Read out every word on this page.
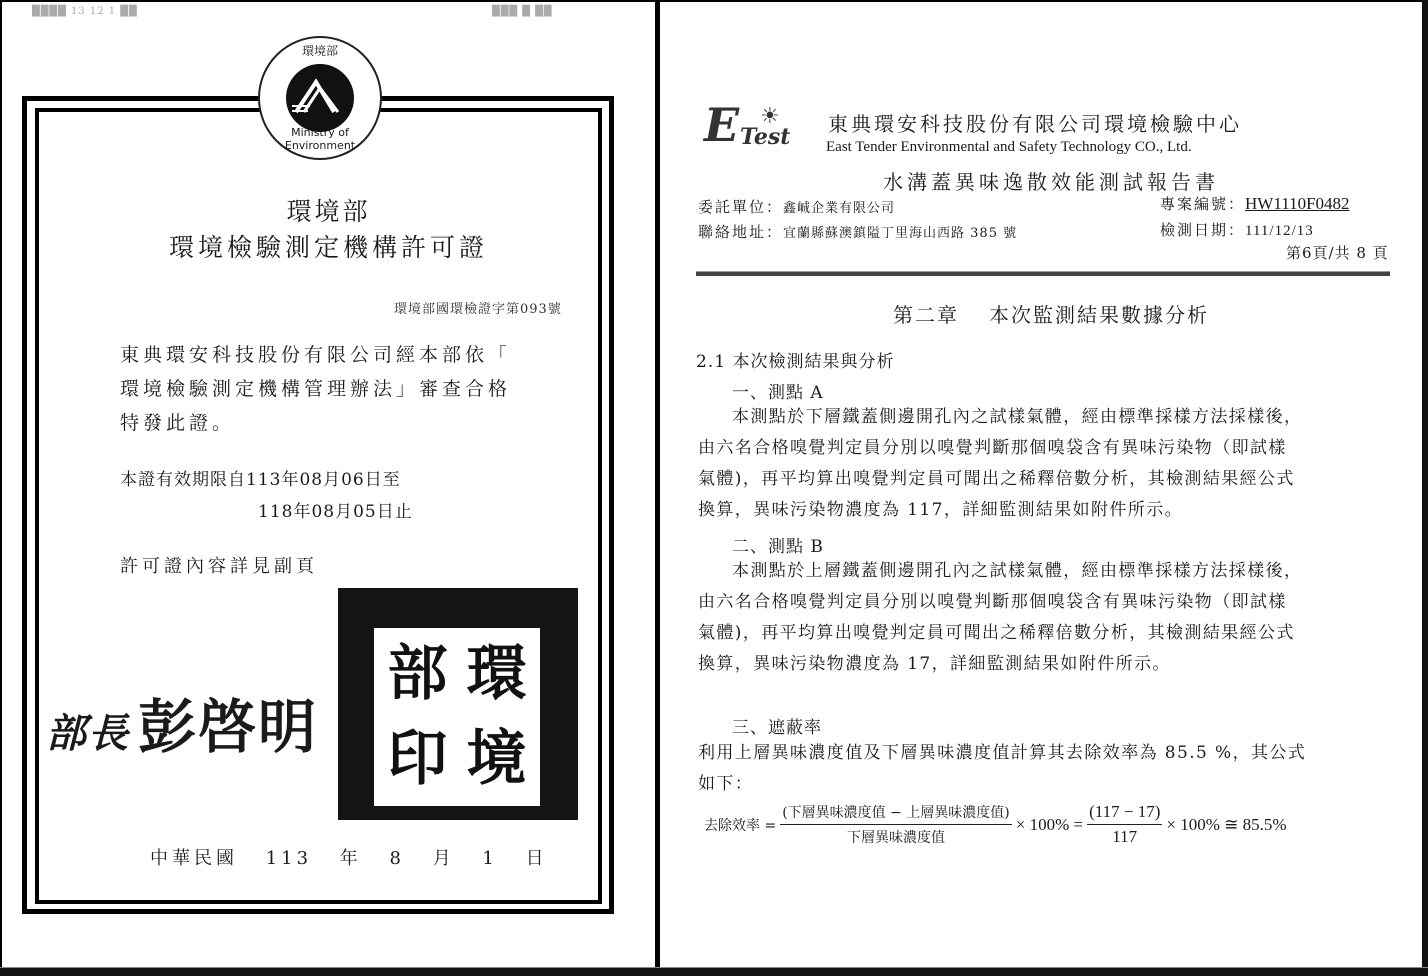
████ 13 12 1 ██	███ █ ██
環境部
Ministry of Environment
環境部
環境檢驗測定機構許可證
環境部國環檢證字第093號
東典環安科技股份有限公司經本部依「
環境檢驗測定機構管理辦法」審查合格
特發此證。
本證有效期限自113年08月06日至
118年08月05日止
許可證內容詳見副頁
部 環
印 境
部長 彭啓明
中華民國 113 年 8 月 1 日
E ☀
Test 東典環安科技股份有限公司環境檢驗中心
East Tender Environmental and Safety Technology CO., Ltd.
水溝蓋異味逸散效能測試報告書
委託單位：鑫峸企業有限公司
聯絡地址：宜蘭縣蘇澳鎮隘丁里海山西路 385 號
專案編號：HW1110F0482
檢測日期：111/12/13
第6頁/共 8 頁
第二章 本次監測結果數據分析
2.1 本次檢測結果與分析
一、測點 A
本測點於下層鐵蓋側邊開孔內之試樣氣體，經由標準採樣方法採樣後，
由六名合格嗅覺判定員分別以嗅覺判斷那個嗅袋含有異味污染物（即試樣
氣體)，再平均算出嗅覺判定員可聞出之稀釋倍數分析，其檢測結果經公式
換算，異味污染物濃度為 117，詳細監測結果如附件所示。
二、測點 B
本測點於上層鐵蓋側邊開孔內之試樣氣體，經由標準採樣方法採樣後，
由六名合格嗅覺判定員分別以嗅覺判斷那個嗅袋含有異味污染物（即試樣
氣體)，再平均算出嗅覺判定員可聞出之稀釋倍數分析，其檢測結果經公式
換算，異味污染物濃度為 17，詳細監測結果如附件所示。
三、遮蔽率
利用上層異味濃度值及下層異味濃度值計算其去除效率為 85.5 %，其公式
如下：
去除效率 = $\frac{\text{(下層異味濃度值 − 上層異味濃度值)}}{\text{下層異味濃度值}} \times 100\% = \frac{(117 - 17)}{117} \times 100\%$ ≅ 85.5%
